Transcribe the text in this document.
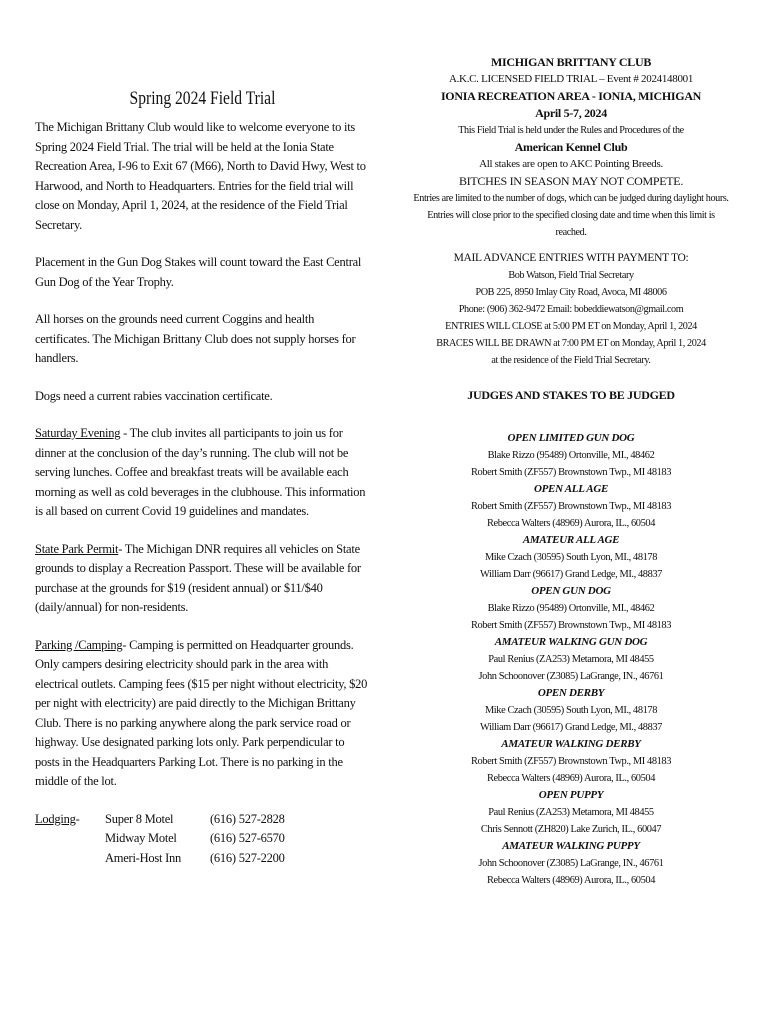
Spring 2024 Field Trial

The Michigan Brittany Club would like to welcome everyone to its Spring 2024 Field Trial. The trial will be held at the Ionia State Recreation Area, I-96 to Exit 67 (M66), North to David Hwy, West to Harwood, and North to Headquarters. Entries for the field trial will close on Monday, April 1, 2024, at the residence of the Field Trial Secretary.

Placement in the Gun Dog Stakes will count toward the East Central Gun Dog of the Year Trophy.

All horses on the grounds need current Coggins and health certificates. The Michigan Brittany Club does not supply horses for handlers.

Dogs need a current rabies vaccination certificate.

Saturday Evening - The club invites all participants to join us for dinner at the conclusion of the day’s running. The club will not be serving lunches. Coffee and breakfast treats will be available each morning as well as cold beverages in the clubhouse. This information is all based on current Covid 19 guidelines and mandates.

State Park Permit- The Michigan DNR requires all vehicles on State grounds to display a Recreation Passport. These will be available for purchase at the grounds for $19 (resident annual) or $11/$40 (daily/annual) for non-residents.

Parking /Camping- Camping is permitted on Headquarter grounds. Only campers desiring electricity should park in the area with electrical outlets. Camping fees ($15 per night without electricity, $20 per night with electricity) are paid directly to the Michigan Brittany Club. There is no parking anywhere along the park service road or highway. Use designated parking lots only. Park perpendicular to posts in the Headquarters Parking Lot. There is no parking in the middle of the lot.

Lodging-	Super 8 Motel	(616) 527-2828
Midway Motel	(616) 527-6570
Ameri-Host Inn	(616) 527-2200
MICHIGAN BRITTANY CLUB
A.K.C. LICENSED FIELD TRIAL – Event # 2024148001
IONIA RECREATION AREA - IONIA, MICHIGAN
April 5-7, 2024
This Field Trial is held under the Rules and Procedures of the
American Kennel Club
All stakes are open to AKC Pointing Breeds.
BITCHES IN SEASON MAY NOT COMPETE.
Entries are limited to the number of dogs, which can be judged during daylight hours.
Entries will close prior to the specified closing date and time when this limit is reached.
MAIL ADVANCE ENTRIES WITH PAYMENT TO:
Bob Watson, Field Trial Secretary
POB 225, 8950 Imlay City Road, Avoca, MI 48006
Phone: (906) 362-9472 Email: bobeddiewatson@gmail.com
ENTRIES WILL CLOSE at 5:00 PM ET on Monday, April 1, 2024
BRACES WILL BE DRAWN at 7:00 PM ET on Monday, April 1, 2024
at the residence of the Field Trial Secretary.
JUDGES AND STAKES TO BE JUDGED
OPEN LIMITED GUN DOG
Blake Rizzo (95489) Ortonville, MI., 48462
Robert Smith (ZF557) Brownstown Twp., MI 48183
OPEN ALL AGE
Robert Smith (ZF557) Brownstown Twp., MI 48183
Rebecca Walters (48969) Aurora, IL., 60504
AMATEUR ALL AGE
Mike Czach (30595) South Lyon, MI., 48178
William Darr (96617) Grand Ledge, MI., 48837
OPEN GUN DOG
Blake Rizzo (95489) Ortonville, MI., 48462
Robert Smith (ZF557) Brownstown Twp., MI 48183
AMATEUR WALKING GUN DOG
Paul Renius (ZA253) Metamora, MI 48455
John Schoonover (Z3085) LaGrange, IN., 46761
OPEN DERBY
Mike Czach (30595) South Lyon, MI., 48178
William Darr (96617) Grand Ledge, MI., 48837
AMATEUR WALKING DERBY
Robert Smith (ZF557) Brownstown Twp., MI 48183
Rebecca Walters (48969) Aurora, IL., 60504
OPEN PUPPY
Paul Renius (ZA253) Metamora, MI 48455
Chris Sennott (ZH820) Lake Zurich, IL., 60047
AMATEUR WALKING PUPPY
John Schoonover (Z3085) LaGrange, IN., 46761
Rebecca Walters (48969) Aurora, IL., 60504
